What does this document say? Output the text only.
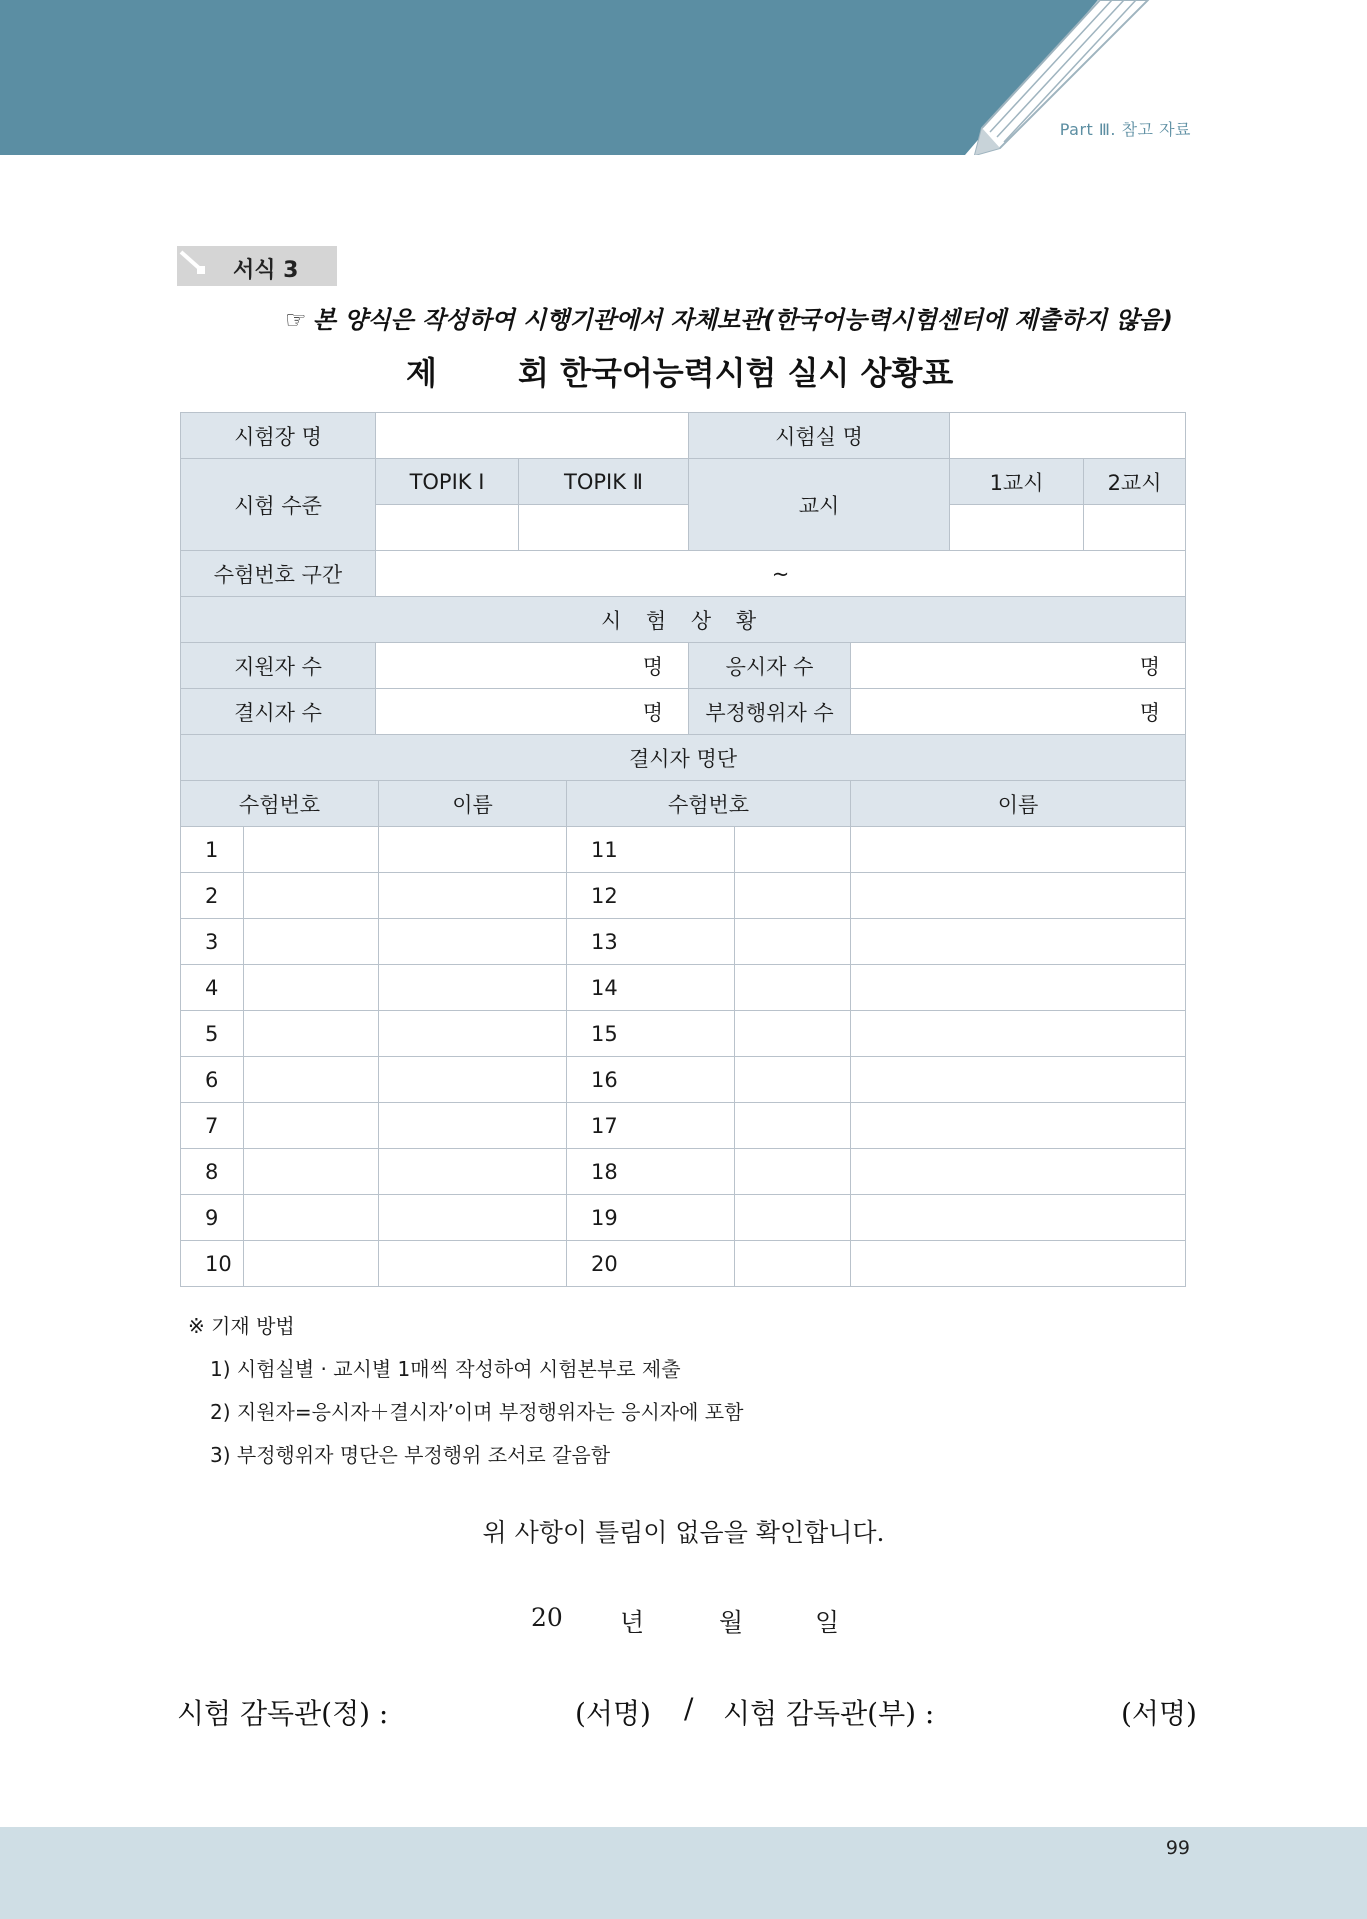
Part Ⅲ. 참고 자료
서식 3
☞ 본 양식은 작성하여 시행기관에서 자체보관(한국어능력시험센터에 제출하지 않음)
제	회 한국어능력시험 실시 상황표
시험장 명						시험실 명				
시험 수준		TOPIK Ⅰ		TOPIK Ⅱ		교시			1교시	2교시

수험번호 구간		~								
시 험 상 황										
지원자 수		명				응시자 수		명		
결시자 수		명				부정행위자 수		명		
결시자 명단										
수험번호			이름		수험번호			이름		
1					11					
2					12					
3					13					
4					14					
5					15					
6					16					
7					17					
8					18					
9					19					
10					20					
※ 기재 방법
1) 시험실별 · 교시별 1매씩 작성하여 시험본부로 제출
2) 지원자=응시자＋결시자’이며 부정행위자는 응시자에 포함
3) 부정행위자 명단은 부정행위 조서로 갈음함
위 사항이 틀림이 없음을 확인합니다.
20 년	월	일
시험 감독관(정) :	(서명) / 시험 감독관(부) :	(서명)
99
